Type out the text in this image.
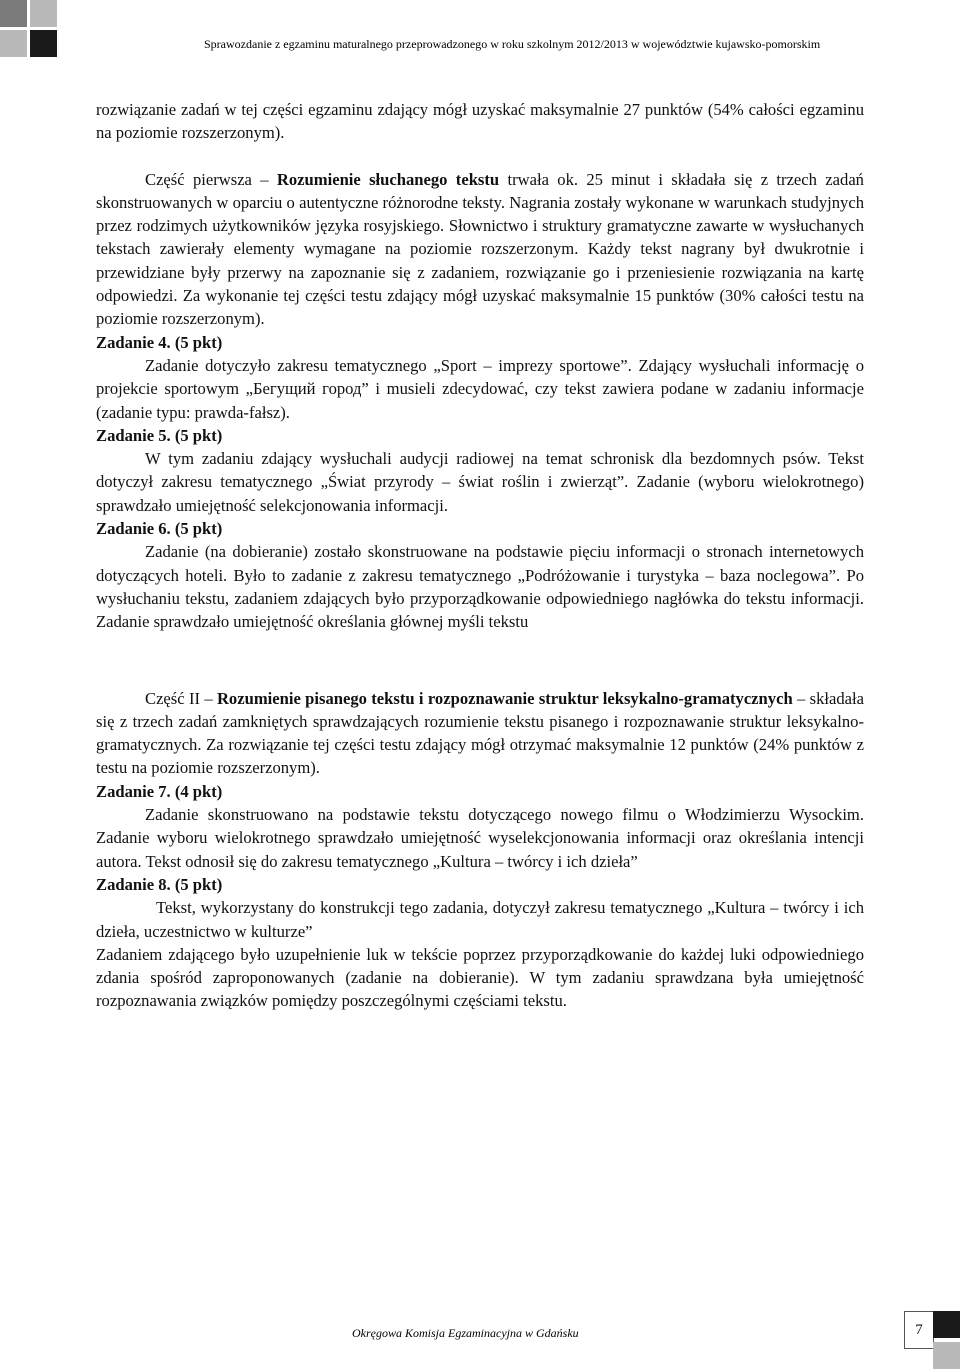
Sprawozdanie z egzaminu maturalnego przeprowadzonego w roku szkolnym 2012/2013 w województwie kujawsko-pomorskim

rozwiązanie zadań w tej części egzaminu zdający mógł uzyskać maksymalnie 27 punktów (54% całości egzaminu na poziomie rozszerzonym).

Część pierwsza – Rozumienie słuchanego tekstu trwała ok. 25 minut i składała się z trzech zadań skonstruowanych w oparciu o autentyczne różnorodne teksty. Nagrania zostały wykonane w warunkach studyjnych przez rodzimych użytkowników języka rosyjskiego. Słownictwo i struktury gramatyczne zawarte w wysłuchanych tekstach zawierały elementy wymagane na poziomie rozszerzonym. Każdy tekst nagrany był dwukrotnie i przewidziane były przerwy na zapoznanie się z zadaniem, rozwiązanie go i przeniesienie rozwiązania na kartę odpowiedzi. Za wykonanie tej części testu zdający mógł uzyskać maksymalnie 15 punktów (30% całości testu na poziomie rozszerzonym).

Zadanie 4. (5 pkt)

Zadanie dotyczyło zakresu tematycznego „Sport – imprezy sportowe”. Zdający wysłuchali informację o projekcie sportowym „Бегущий город” i musieli zdecydować, czy tekst zawiera podane w zadaniu informacje (zadanie typu: prawda-fałsz).

Zadanie 5. (5 pkt)

W tym zadaniu zdający wysłuchali audycji radiowej na temat schronisk dla bezdomnych psów. Tekst dotyczył zakresu tematycznego „Świat przyrody – świat roślin i zwierząt”. Zadanie (wyboru wielokrotnego) sprawdzało umiejętność selekcjonowania informacji.

Zadanie 6. (5 pkt)

Zadanie (na dobieranie) zostało skonstruowane na podstawie pięciu informacji o stronach internetowych dotyczących hoteli. Było to zadanie z zakresu tematycznego „Podróżowanie i turystyka – baza noclegowa”. Po wysłuchaniu tekstu, zadaniem zdających było przyporządkowanie odpowiedniego nagłówka do tekstu informacji. Zadanie sprawdzało umiejętność określania głównej myśli tekstu

Część II – Rozumienie pisanego tekstu i rozpoznawanie struktur leksykalno-gramatycznych – składała się z trzech zadań zamkniętych sprawdzających rozumienie tekstu pisanego i rozpoznawanie struktur leksykalno-gramatycznych. Za rozwiązanie tej części testu zdający mógł otrzymać maksymalnie 12 punktów (24% punktów z testu na poziomie rozszerzonym).

Zadanie 7. (4 pkt)

Zadanie skonstruowano na podstawie tekstu dotyczącego nowego filmu o Włodzimierzu Wysockim. Zadanie wyboru wielokrotnego sprawdzało umiejętność wyselekcjonowania informacji oraz określania intencji autora. Tekst odnosił się do zakresu tematycznego „Kultura – twórcy i ich dzieła”

Zadanie 8. (5 pkt)

Tekst, wykorzystany do konstrukcji tego zadania, dotyczył zakresu tematycznego „Kultura – twórcy i ich dzieła, uczestnictwo w kulturze”

Zadaniem zdającego było uzupełnienie luk w tekście poprzez przyporządkowanie do każdej luki odpowiedniego zdania spośród zaproponowanych (zadanie na dobieranie). W tym zadaniu sprawdzana była umiejętność rozpoznawania związków pomiędzy poszczególnymi częściami tekstu.

Okręgowa Komisja Egzaminacyjna w Gdańsku	7
